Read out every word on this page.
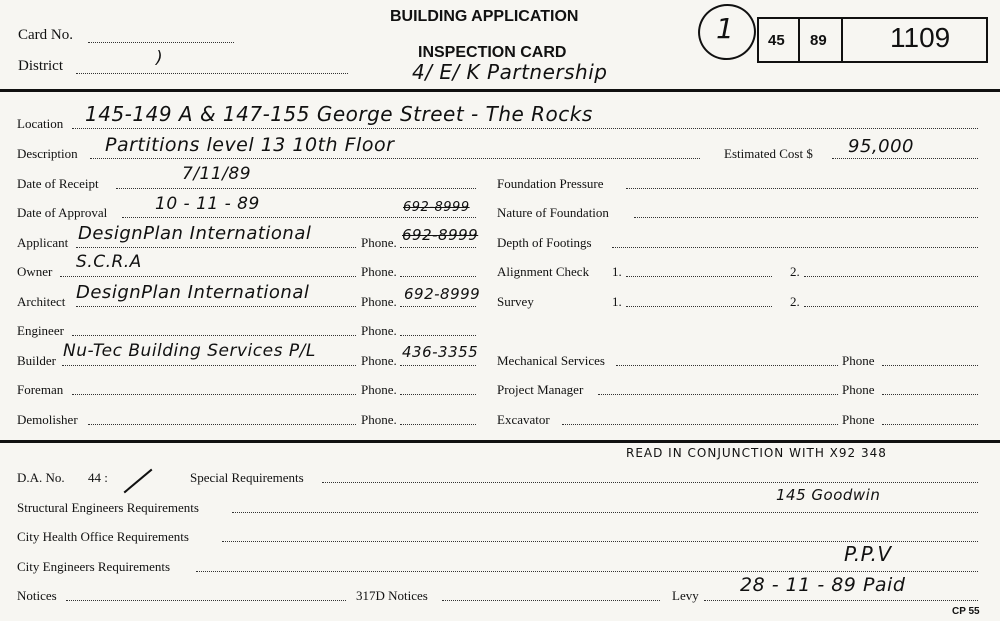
Card No.
District	)
BUILDING APPLICATION
INSPECTION CARD
4/ E/ K Partnership
1 45 89 1109
Location 145-149 A & 147-155 George Street - The Rocks
Description Partitions level 13 10th Floor	Estimated Cost $ 95,000
Date of Receipt	7/11/89
Date of Approval	10 - 11 - 89	692-8999
Applicant DesignPlan International	Phone. 692-8999
Owner S.C.R.A	Phone.
Architect DesignPlan International	Phone. 692-8999
Engineer	Phone.
Builder Nu-Tec Building Services P/L	Phone. 436-3355
Foreman	Phone.
Demolisher	Phone.
Foundation Pressure
Nature of Foundation
Depth of Footings
Alignment Check 1.	2.
Survey	1.	2.
Mechanical Services	Phone
Project Manager	Phone
Excavator	Phone
D.A. No. 44 :	Special Requirements
READ IN CONJUNCTION WITH X92 348
Structural Engineers Requirements
145 Goodwin
City Health Office Requirements
City Engineers Requirements
P.P.V
Notices	317D Notices	Levy 28 - 11 - 89 Paid
CP 55
